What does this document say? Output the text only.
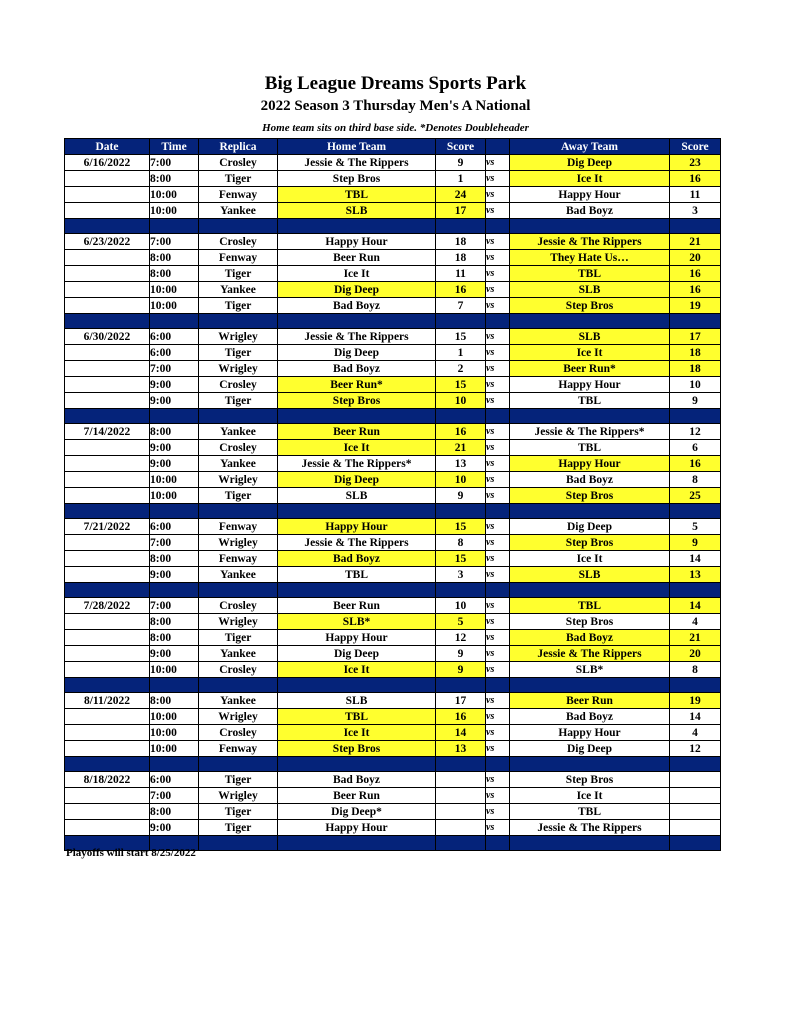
Big League Dreams Sports Park
2022 Season 3 Thursday Men's A National
Home team sits on third base side. *Denotes Doubleheader
Date	Time	Replica	Home Team	Score		Away Team	Score
6/16/2022	7:00	Crosley	Jessie & The Rippers	9	vs	Dig Deep	23
	8:00	Tiger	Step Bros	1	vs	Ice It	16
	10:00	Fenway	TBL	24	vs	Happy Hour	11
	10:00	Yankee	SLB	17	vs	Bad Boyz	3

6/23/2022	7:00	Crosley	Happy Hour	18	vs	Jessie & The Rippers	21
	8:00	Fenway	Beer Run	18	vs	They Hate Us…	20
	8:00	Tiger	Ice It	11	vs	TBL	16
	10:00	Yankee	Dig Deep	16	vs	SLB	16
	10:00	Tiger	Bad Boyz	7	vs	Step Bros	19

6/30/2022	6:00	Wrigley	Jessie & The Rippers	15	vs	SLB	17
	6:00	Tiger	Dig Deep	1	vs	Ice It	18
	7:00	Wrigley	Bad Boyz	2	vs	Beer Run*	18
	9:00	Crosley	Beer Run*	15	vs	Happy Hour	10
	9:00	Tiger	Step Bros	10	vs	TBL	9

7/14/2022	8:00	Yankee	Beer Run	16	vs	Jessie & The Rippers*	12
	9:00	Crosley	Ice It	21	vs	TBL	6
	9:00	Yankee	Jessie & The Rippers*	13	vs	Happy Hour	16
	10:00	Wrigley	Dig Deep	10	vs	Bad Boyz	8
	10:00	Tiger	SLB	9	vs	Step Bros	25

7/21/2022	6:00	Fenway	Happy Hour	15	vs	Dig Deep	5
	7:00	Wrigley	Jessie & The Rippers	8	vs	Step Bros	9
	8:00	Fenway	Bad Boyz	15	vs	Ice It	14
	9:00	Yankee	TBL	3	vs	SLB	13

7/28/2022	7:00	Crosley	Beer Run	10	vs	TBL	14
	8:00	Wrigley	SLB*	5	vs	Step Bros	4
	8:00	Tiger	Happy Hour	12	vs	Bad Boyz	21
	9:00	Yankee	Dig Deep	9	vs	Jessie & The Rippers	20
	10:00	Crosley	Ice It	9	vs	SLB*	8

8/11/2022	8:00	Yankee	SLB	17	vs	Beer Run	19
	10:00	Wrigley	TBL	16	vs	Bad Boyz	14
	10:00	Crosley	Ice It	14	vs	Happy Hour	4
	10:00	Fenway	Step Bros	13	vs	Dig Deep	12

8/18/2022	6:00	Tiger	Bad Boyz		vs	Step Bros	
	7:00	Wrigley	Beer Run		vs	Ice It	
	8:00	Tiger	Dig Deep*		vs	TBL	
	9:00	Tiger	Happy Hour		vs	Jessie & The Rippers	

Playoffs will start 8/25/2022
